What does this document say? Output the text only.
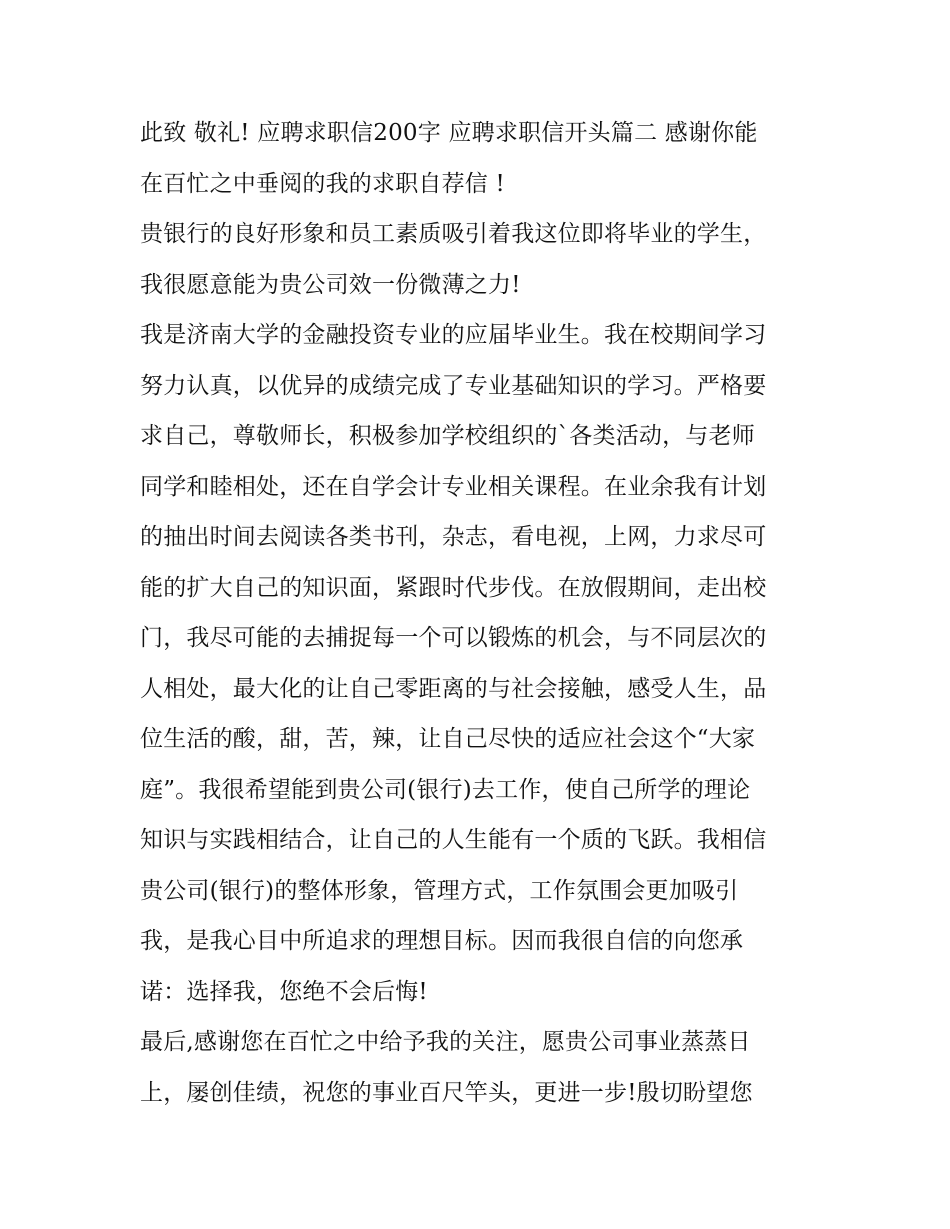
此致 敬礼! 应聘求职信200字 应聘求职信开头篇二 感谢你能
在百忙之中垂阅的我的求职自荐信 !
贵银行的良好形象和员工素质吸引着我这位即将毕业的学生，
我很愿意能为贵公司效一份微薄之力!
我是济南大学的金融投资专业的应届毕业生。我在校期间学习
努力认真，以优异的成绩完成了专业基础知识的学习。严格要
求自己，尊敬师长，积极参加学校组织的`各类活动，与老师
同学和睦相处，还在自学会计专业相关课程。在业余我有计划
的抽出时间去阅读各类书刊，杂志，看电视，上网，力求尽可
能的扩大自己的知识面，紧跟时代步伐。在放假期间，走出校
门，我尽可能的去捕捉每一个可以锻炼的机会，与不同层次的
人相处，最大化的让自己零距离的与社会接触，感受人生，品
位生活的酸，甜，苦，辣，让自己尽快的适应社会这个“大家
庭”。我很希望能到贵公司(银行)去工作，使自己所学的理论
知识与实践相结合，让自己的人生能有一个质的飞跃。我相信
贵公司(银行)的整体形象，管理方式，工作氛围会更加吸引
我，是我心目中所追求的理想目标。因而我很自信的向您承
诺：选择我，您绝不会后悔!
最后,感谢您在百忙之中给予我的关注，愿贵公司事业蒸蒸日
上，屡创佳绩，祝您的事业百尺竿头，更进一步!殷切盼望您
